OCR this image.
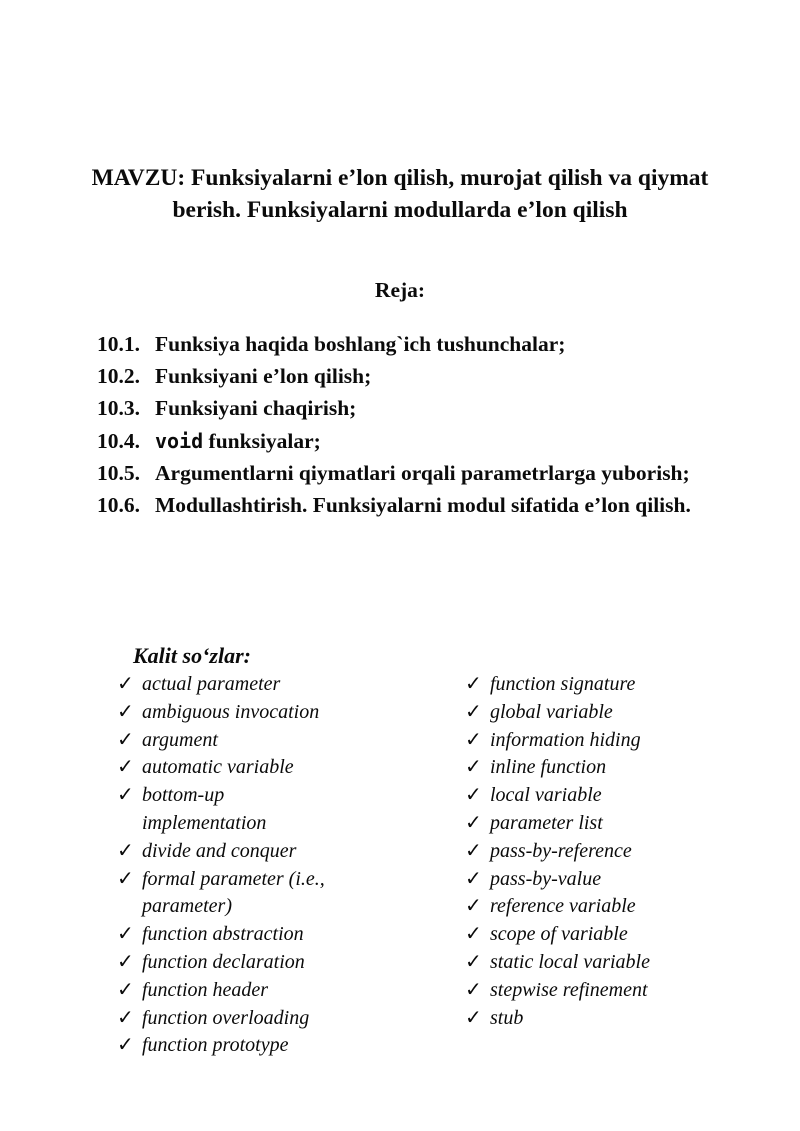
MAVZU: Funksiyalarni e’lon qilish, murojat qilish va qiymat berish. Funksiyalarni modullarda e’lon qilish
Reja:
10.1. Funksiya haqida boshlang`ich tushunchalar;
10.2. Funksiyani e’lon qilish;
10.3. Funksiyani chaqirish;
10.4. void funksiyalar;
10.5. Argumentlarni qiymatlari orqali parametrlarga yuborish;
10.6. Modullashtirish. Funksiyalarni modul sifatida e’lon qilish.
Kalit so‘zlar:
✓ actual parameter
✓ ambiguous invocation
✓ argument
✓ automatic variable
✓ bottom-up
implementation
✓ divide and conquer
✓ formal parameter (i.e.,
parameter)
✓ function abstraction
✓ function declaration
✓ function header
✓ function overloading
✓ function prototype
✓ function signature
✓ global variable
✓ information hiding
✓ inline function
✓ local variable
✓ parameter list
✓ pass-by-reference
✓ pass-by-value
✓ reference variable
✓ scope of variable
✓ static local variable
✓ stepwise refinement
✓ stub
